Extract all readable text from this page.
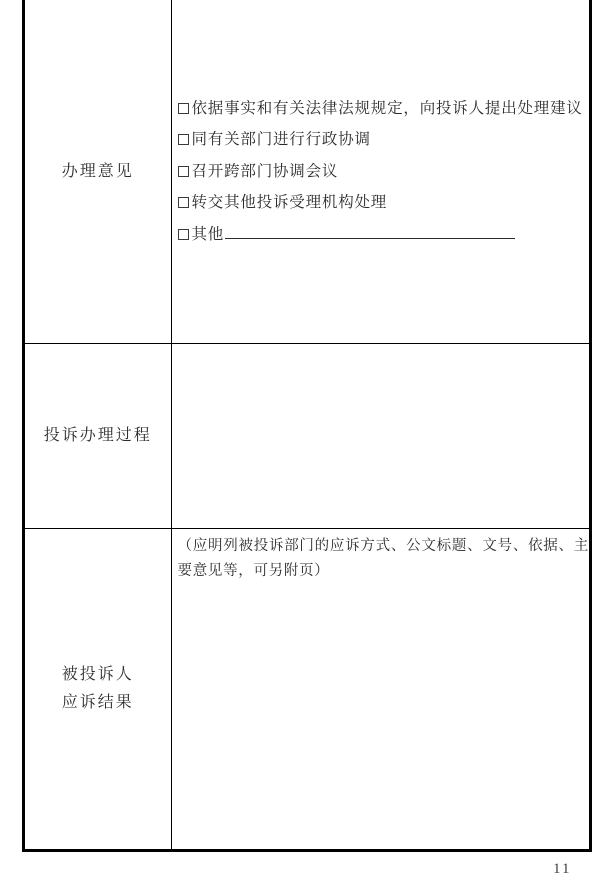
办理意见
依据事实和有关法律法规规定，向投诉人提出处理建议
同有关部门进行行政协调
召开跨部门协调会议
转交其他投诉受理机构处理
其他
投诉办理过程
被投诉人
应诉结果
（应明列被投诉部门的应诉方式、公文标题、文号、依据、主要意见等，可另附页）
11
